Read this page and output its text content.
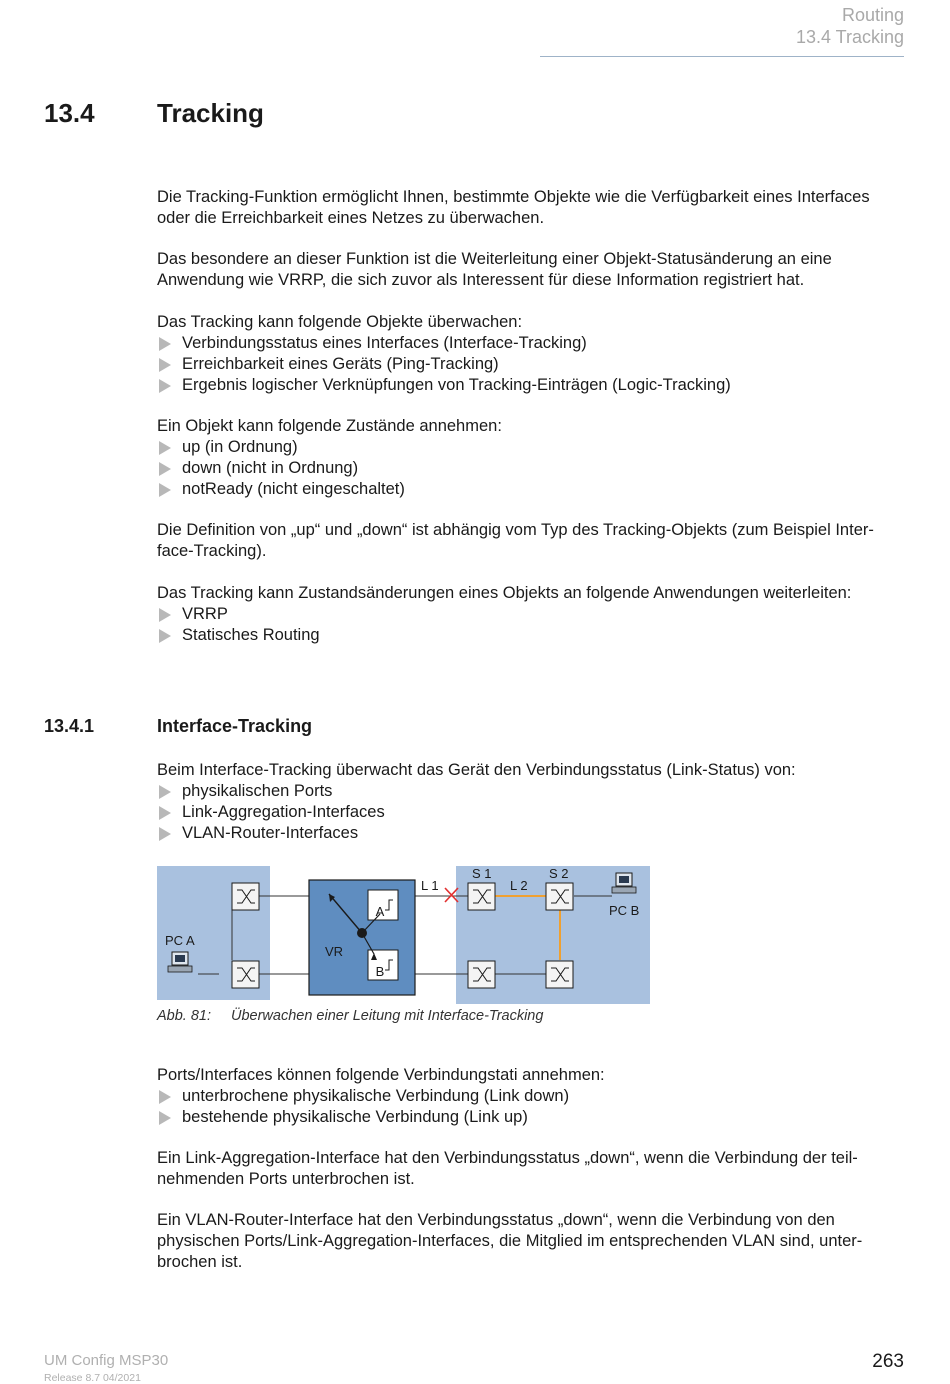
Routing
13.4 Tracking
13.4 Tracking

Die Tracking-Funktion ermöglicht Ihnen, bestimmte Objekte wie die Verfügbarkeit eines Interfaces oder die Erreichbarkeit eines Netzes zu überwachen.

Das besondere an dieser Funktion ist die Weiterleitung einer Objekt-Statusänderung an eine Anwendung wie VRRP, die sich zuvor als Interessent für diese Information registriert hat.

Das Tracking kann folgende Objekte überwachen:

Verbindungsstatus eines Interfaces (Interface-Tracking)
Erreichbarkeit eines Geräts (Ping-Tracking)
Ergebnis logischer Verknüpfungen von Tracking-Einträgen (Logic-Tracking)

Ein Objekt kann folgende Zustände annehmen:

up (in Ordnung)
down (nicht in Ordnung)
notReady (nicht eingeschaltet)

Die Definition von „up“ und „down“ ist abhängig vom Typ des Tracking-Objekts (zum Beispiel Inter-face-Tracking).

Das Tracking kann Zustandsänderungen eines Objekts an folgende Anwendungen weiterleiten:

VRRP
Statisches Routing
13.4.1	Interface-Tracking

Beim Interface-Tracking überwacht das Gerät den Verbindungsstatus (Link-Status) von:

physikalischen Ports
Link-Aggregation-Interfaces
VLAN-Router-Interfaces
A
B
VR
PC A
PC B
L 1	L 2
S 1	S 2
Abb. 81: Überwachen einer Leitung mit Interface-Tracking

Ports/Interfaces können folgende Verbindungstati annehmen:

unterbrochene physikalische Verbindung (Link down)
bestehende physikalische Verbindung (Link up)

Ein Link-Aggregation-Interface hat den Verbindungsstatus „down“, wenn die Verbindung der teil-nehmenden Ports unterbrochen ist.

Ein VLAN-Router-Interface hat den Verbindungsstatus „down“, wenn die Verbindung von den physischen Ports/Link-Aggregation-Interfaces, die Mitglied im entsprechenden VLAN sind, unter-brochen ist.

UM Config MSP30
Release 8.7 04/2021
263
